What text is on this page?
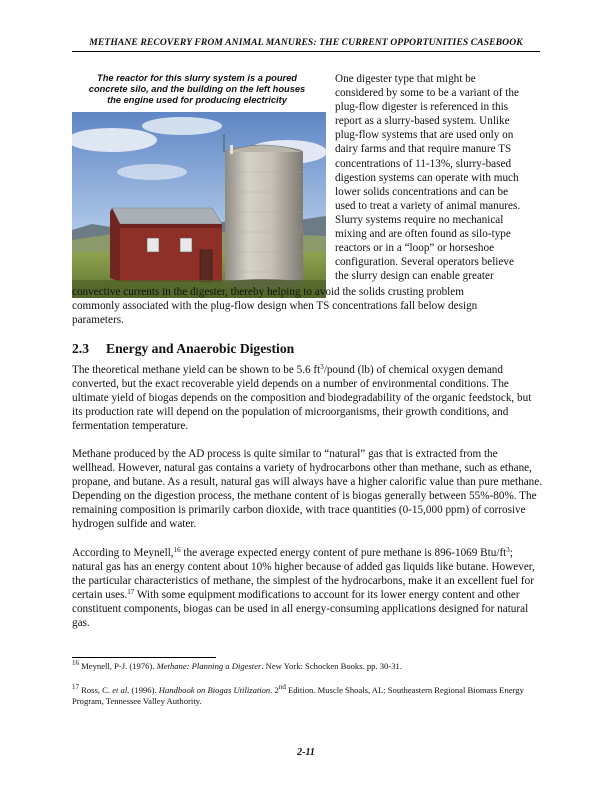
METHANE RECOVERY FROM ANIMAL MANURES: THE CURRENT OPPORTUNITIES CASEBOOK
The reactor for this slurry system is a poured
concrete silo, and the building on the left houses
the engine used for producing electricity
One digester type that might be
considered by some to be a variant of the
plug-flow digester is referenced in this
report as a slurry-based system. Unlike
plug-flow systems that are used only on
dairy farms and that require manure TS
concentrations of 11-13%, slurry-based
digestion systems can operate with much
lower solids concentrations and can be
used to treat a variety of animal manures.
Slurry systems require no mechanical
mixing and are often found as silo-type
reactors or in a “loop” or horseshoe
configuration. Several operators believe
the slurry design can enable greater
convective currents in the digester, thereby helping to avoid the solids crusting problem
commonly associated with the plug-flow design when TS concentrations fall below design
parameters.
2.3 Energy and Anaerobic Digestion
The theoretical methane yield can be shown to be 5.6 $ft^3$/pound (lb) of chemical oxygen demand converted, but the exact recoverable yield depends on a number of environmental conditions. The ultimate yield of biogas depends on the composition and biodegradability of the organic feedstock, but its production rate will depend on the population of microorganisms, their growth conditions, and fermentation temperature.
Methane produced by the AD process is quite similar to “natural” gas that is extracted from the wellhead. However, natural gas contains a variety of hydrocarbons other than methane, such as ethane, propane, and butane. As a result, natural gas will always have a higher calorific value than pure methane. Depending on the digestion process, the methane content of is biogas generally between 55%-80%. The remaining composition is primarily carbon dioxide, with trace quantities (0-15,000 ppm) of corrosive hydrogen sulfide and water.
According to Meynell,$^{16}$ the average expected energy content of pure methane is 896-1069 Btu/$ft^3$; natural gas has an energy content about 10% higher because of added gas liquids like butane. However, the particular characteristics of methane, the simplest of the hydrocarbons, make it an excellent fuel for certain uses.$^{17}$ With some equipment modifications to account for its lower energy content and other constituent components, biogas can be used in all energy-consuming applications designed for natural gas.
$^{16}$ Meynell, P-J. (1976). Methane: Planning a Digester. New York: Schocken Books. pp. 30-31.
$^{17}$ Ross, C. et al. (1996). Handbook on Biogas Utilization. 2nd Edition. Muscle Shoals, AL: Southeastern Regional Biomass Energy Program, Tennessee Valley Authority.
2-11
